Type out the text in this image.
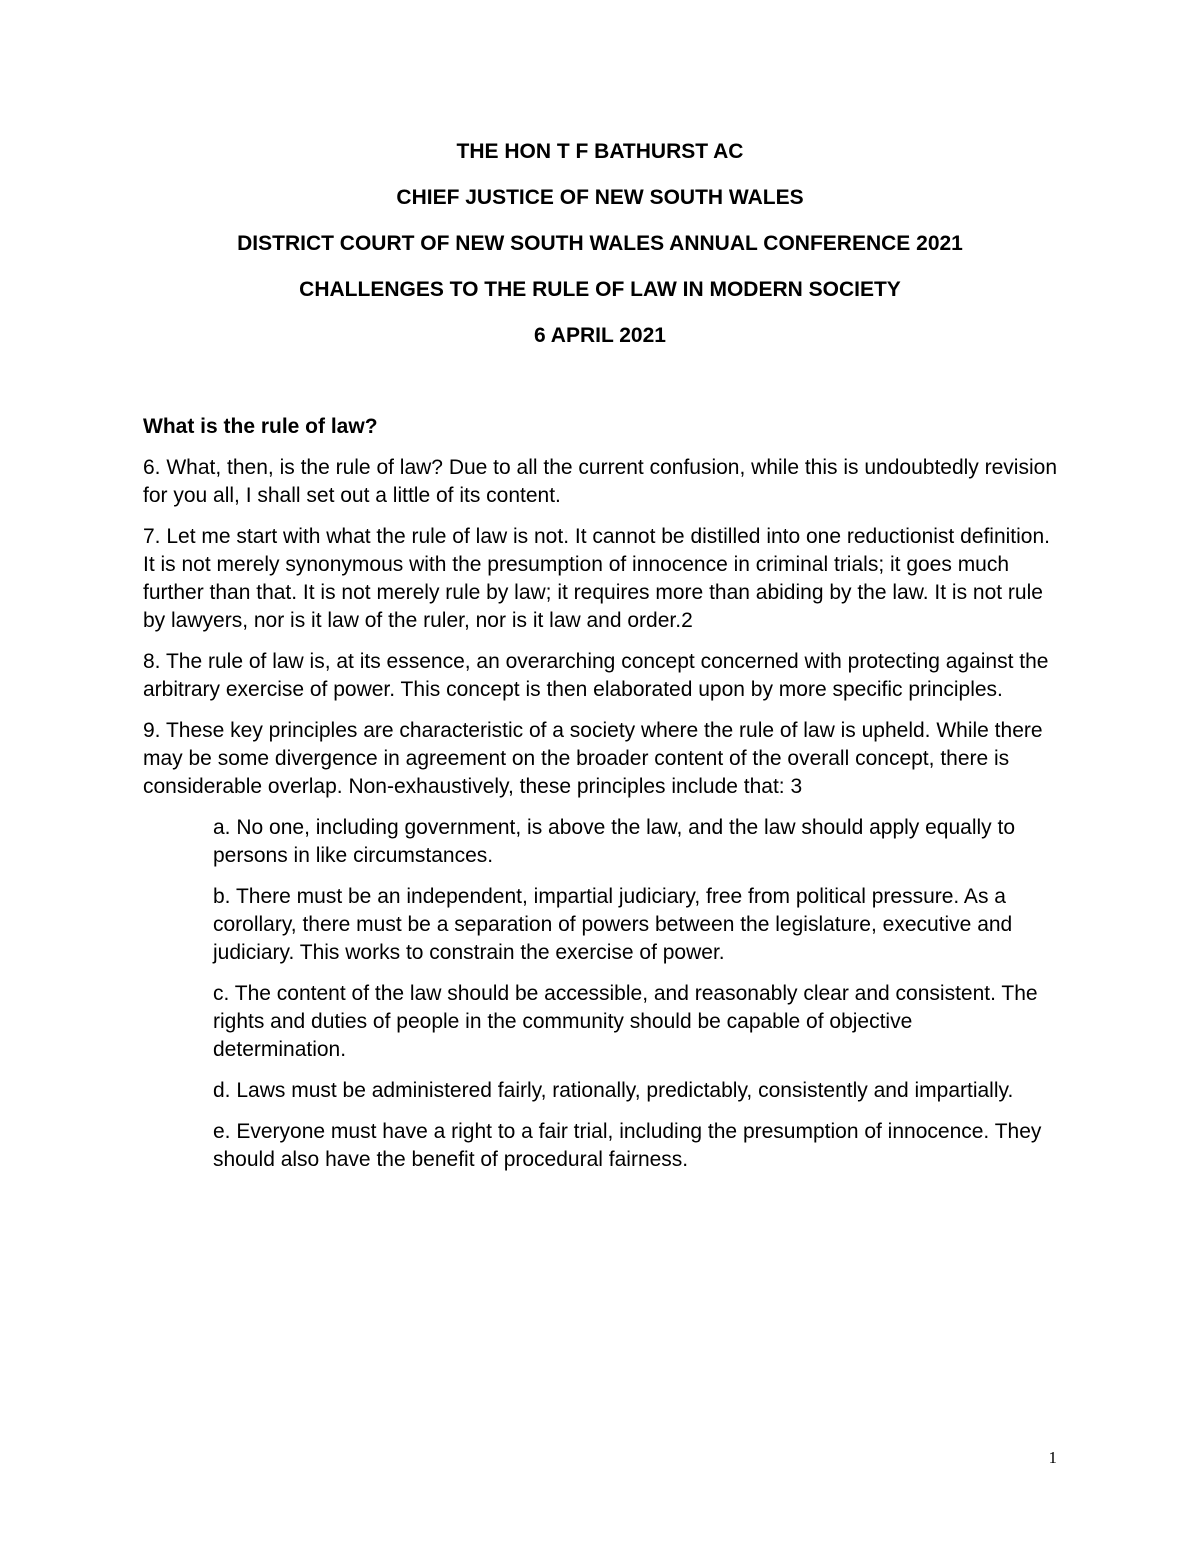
THE HON T F BATHURST AC
CHIEF JUSTICE OF NEW SOUTH WALES
DISTRICT COURT OF NEW SOUTH WALES ANNUAL CONFERENCE 2021
CHALLENGES TO THE RULE OF LAW IN MODERN SOCIETY
6 APRIL 2021
What is the rule of law?
6. What, then, is the rule of law? Due to all the current confusion, while this is undoubtedly revision for you all, I shall set out a little of its content.
7. Let me start with what the rule of law is not. It cannot be distilled into one reductionist definition. It is not merely synonymous with the presumption of innocence in criminal trials; it goes much further than that. It is not merely rule by law; it requires more than abiding by the law. It is not rule by lawyers, nor is it law of the ruler, nor is it law and order.2
8. The rule of law is, at its essence, an overarching concept concerned with protecting against the arbitrary exercise of power. This concept is then elaborated upon by more specific principles.
9. These key principles are characteristic of a society where the rule of law is upheld. While there may be some divergence in agreement on the broader content of the overall concept, there is considerable overlap. Non-exhaustively, these principles include that: 3
a. No one, including government, is above the law, and the law should apply equally to persons in like circumstances.
b. There must be an independent, impartial judiciary, free from political pressure. As a corollary, there must be a separation of powers between the legislature, executive and judiciary. This works to constrain the exercise of power.
c. The content of the law should be accessible, and reasonably clear and consistent. The rights and duties of people in the community should be capable of objective determination.
d. Laws must be administered fairly, rationally, predictably, consistently and impartially.
e. Everyone must have a right to a fair trial, including the presumption of innocence. They should also have the benefit of procedural fairness.
1
